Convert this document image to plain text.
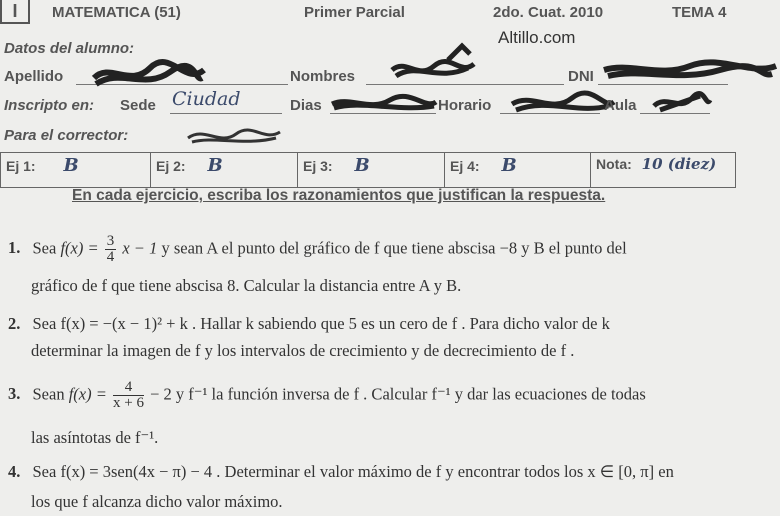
I	MATEMATICA (51)	Primer Parcial	2do. Cuat. 2010	TEMA 4
Altillo.com
Datos del alumno:
Apellido	Nombres	DNI
Inscripto en: Sede Ciudad	Dias	Horario	Aula
Para el corrector:
Ej 1: B	Ej 2: B	Ej 3: B	Ej 4: B	Nota: 10 (diez)
En cada ejercicio, escriba los razonamientos que justifican la respuesta.
1. Sea $f(x) = \frac{3}{4}$ x − 1 y sean A el punto del gráfico de f que tiene abscisa −8 y B el punto del
gráfico de f que tiene abscisa 8. Calcular la distancia entre A y B.
2. Sea f(x) = −(x − 1)² + k . Hallar k sabiendo que 5 es un cero de f . Para dicho valor de k
determinar la imagen de f y los intervalos de crecimiento y de decrecimiento de f .
3. Sean $f(x) = \frac{4}{x + 6} - 2$ y f⁻¹ la función inversa de f . Calcular f⁻¹ y dar las ecuaciones de todas
las asíntotas de f⁻¹.
4. Sea f(x) = 3sen(4x − π) − 4 . Determinar el valor máximo de f y encontrar todos los x ∈ [0, π] en
los que f alcanza dicho valor máximo.
